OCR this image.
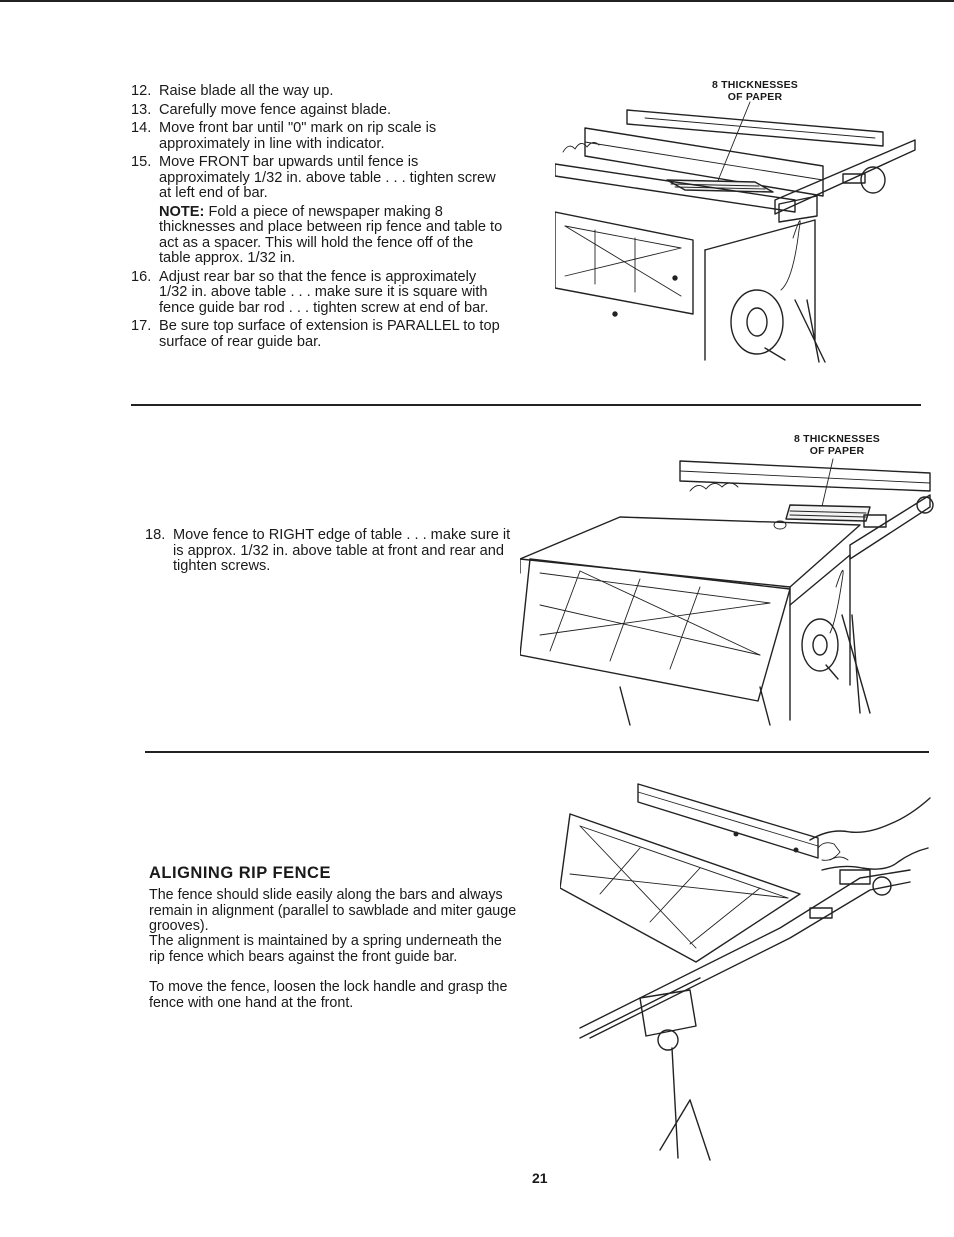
12. Raise blade all the way up.
13. Carefully move fence against blade.
14. Move front bar until "0" mark on rip scale is approximately in line with indicator.
15. Move FRONT bar upwards until fence is approximately 1/32 in. above table . . . tighten screw at left end of bar.
NOTE: Fold a piece of newspaper making 8 thicknesses and place between rip fence and table to act as a spacer. This will hold the fence off of the table approx. 1/32 in.
16. Adjust rear bar so that the fence is approximately 1/32 in. above table . . . make sure it is square with fence guide bar rod . . . tighten screw at end of bar.
17. Be sure top surface of extension is PARALLEL to top surface of rear guide bar.
8 THICKNESSES
OF PAPER
8 THICKNESSES
OF PAPER
18. Move fence to RIGHT edge of table . . . make sure it is approx. 1/32 in. above table at front and rear and tighten screws.
ALIGNING RIP FENCE

The fence should slide easily along the bars and always remain in alignment (parallel to sawblade and miter gauge grooves).

The alignment is maintained by a spring underneath the rip fence which bears against the front guide bar.

To move the fence, loosen the lock handle and grasp the fence with one hand at the front.

21
